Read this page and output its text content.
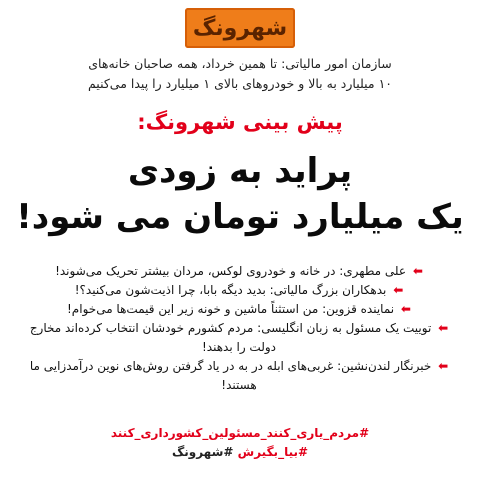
شهرونگ
سازمان امور مالیاتی: تا همین خرداد، همه صاحبان خانه‌های
۱۰ میلیارد به بالا و خودروهای بالای ۱ میلیارد را پیدا می‌کنیم
پیش بینی شهرونگ:
پراید به زودی
یک میلیارد تومان می شود!
⬅ علی مطهری: در خانه و خودروی لوکس، مردان بیشتر تحریک می‌شوند!
⬅ بدهکاران بزرگ مالیاتی: بدید دیگه بابا، چرا اذیت‌شون می‌کنید؟!
⬅ نماینده قزوین: من استثناً ماشین و خونه زیر این قیمت‌ها می‌خوام!
⬅ توییت یک مسئول به زبان انگلیسی: مردم کشورم خودشان انتخاب کرده‌اند مخارج دولت را بدهند!
⬅ خبرنگار لندن‌نشین: غربی‌های ابله در به در یاد گرفتن روش‌های نوین درآمدزایی ما هستند!
#مردم_یاری_کنند_مسئولین_کشورداری_کنند
#بیا_بگیرش #شهرونگ
